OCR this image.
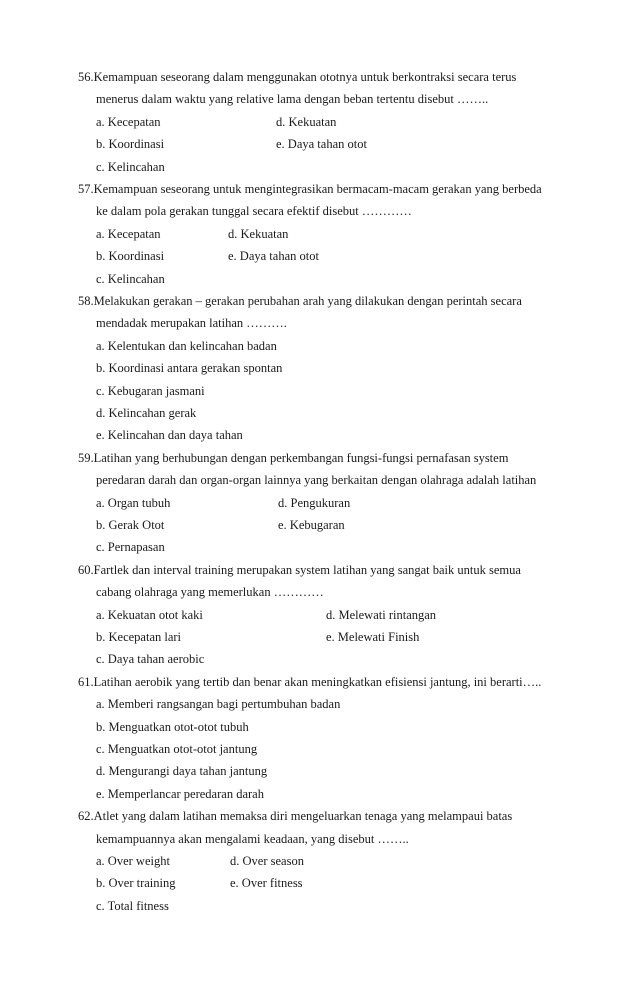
56.Kemampuan seseorang dalam menggunakan ototnya untuk berkontraksi secara terus
menerus dalam waktu yang relative lama dengan beban tertentu disebut ……..
a. Kecepatan	d. Kekuatan
b. Koordinasi	e. Daya tahan otot
c. Kelincahan
57.Kemampuan seseorang untuk mengintegrasikan bermacam-macam gerakan yang berbeda
ke dalam pola gerakan tunggal secara efektif disebut …………
a. Kecepatan	d. Kekuatan
b. Koordinasi	e. Daya tahan otot
c. Kelincahan
58.Melakukan gerakan – gerakan perubahan arah yang dilakukan dengan perintah secara
mendadak merupakan latihan ……….
a. Kelentukan dan kelincahan badan
b. Koordinasi antara gerakan spontan
c. Kebugaran jasmani
d. Kelincahan gerak
e. Kelincahan dan daya tahan
59.Latihan yang berhubungan dengan perkembangan fungsi-fungsi pernafasan system
peredaran darah dan organ-organ lainnya yang berkaitan dengan olahraga adalah latihan
a. Organ tubuh	d. Pengukuran
b. Gerak Otot	e. Kebugaran
c. Pernapasan
60.Fartlek dan interval training merupakan system latihan yang sangat baik untuk semua
cabang olahraga yang memerlukan …………
a. Kekuatan otot kaki	d. Melewati rintangan
b. Kecepatan lari	e. Melewati Finish
c. Daya tahan aerobic
61.Latihan aerobik yang tertib dan benar akan meningkatkan efisiensi jantung, ini berarti…..
a. Memberi rangsangan bagi pertumbuhan badan
b. Menguatkan otot-otot tubuh
c. Menguatkan otot-otot jantung
d. Mengurangi daya tahan jantung
e. Memperlancar peredaran darah
62.Atlet yang dalam latihan memaksa diri mengeluarkan tenaga yang melampaui batas
kemampuannya akan mengalami keadaan, yang disebut ……..
a. Over weight	d. Over season
b. Over training	e. Over fitness
c. Total fitness
